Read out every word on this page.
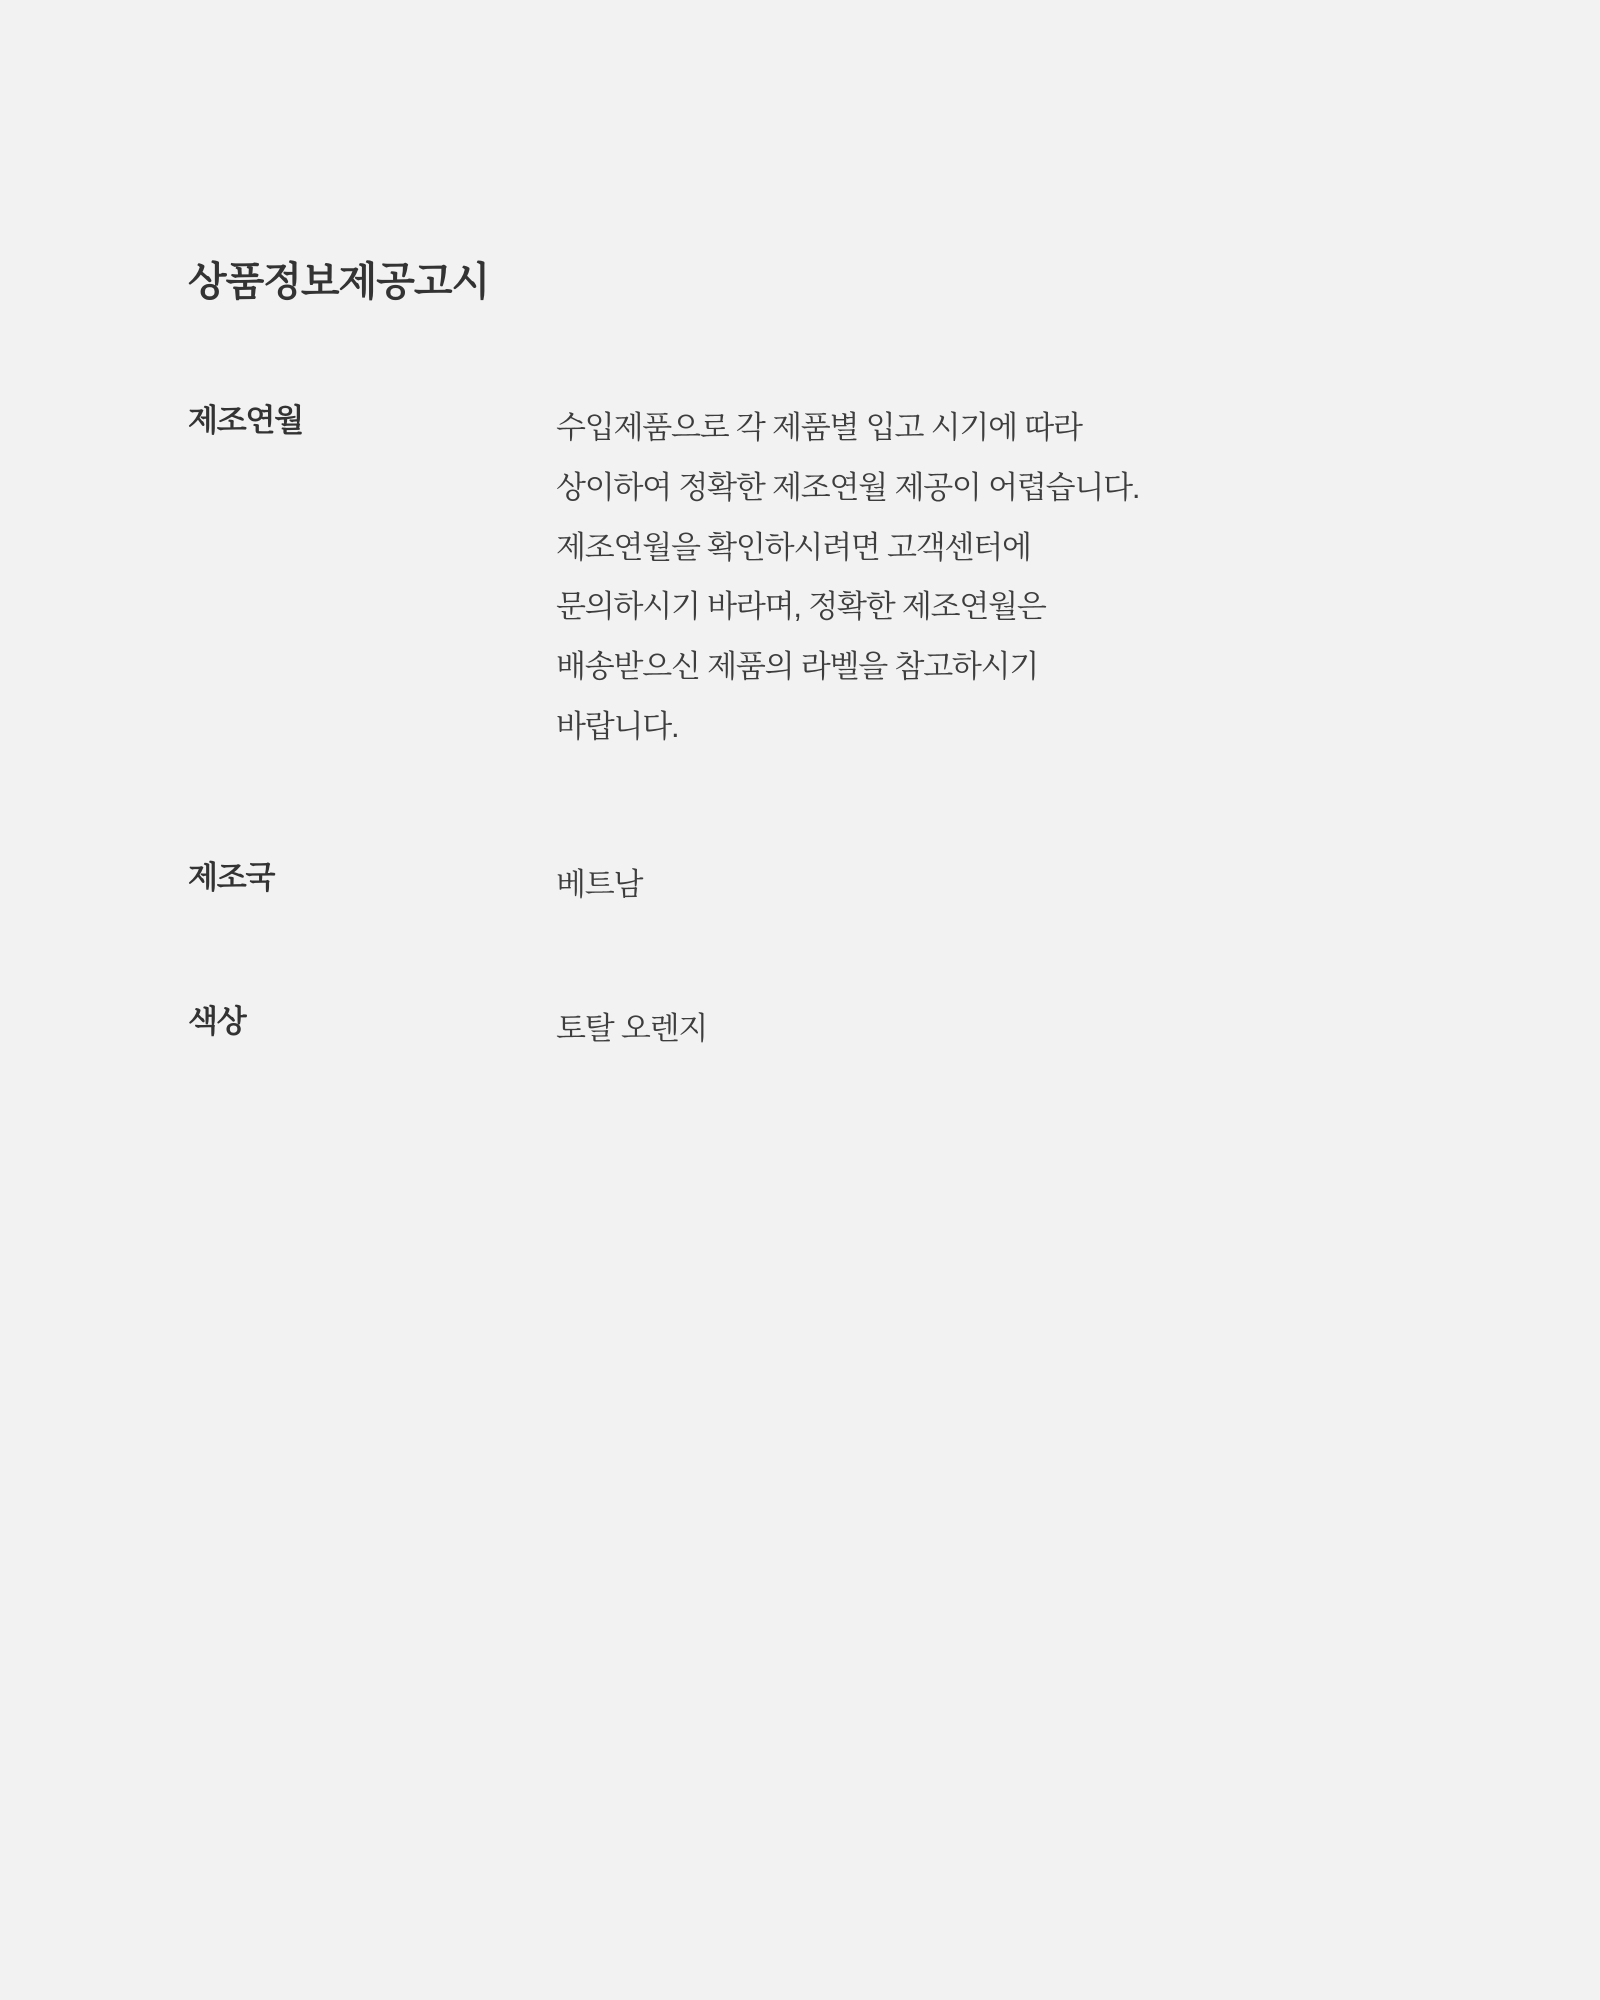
상품정보제공고시
제조연월	수입제품으로 각 제품별 입고 시기에 따라
상이하여 정확한 제조연월 제공이 어렵습니다.
제조연월을 확인하시려면 고객센터에
문의하시기 바라며, 정확한 제조연월은
배송받으신 제품의 라벨을 참고하시기
바랍니다.
제조국	베트남
색상	토탈 오렌지
